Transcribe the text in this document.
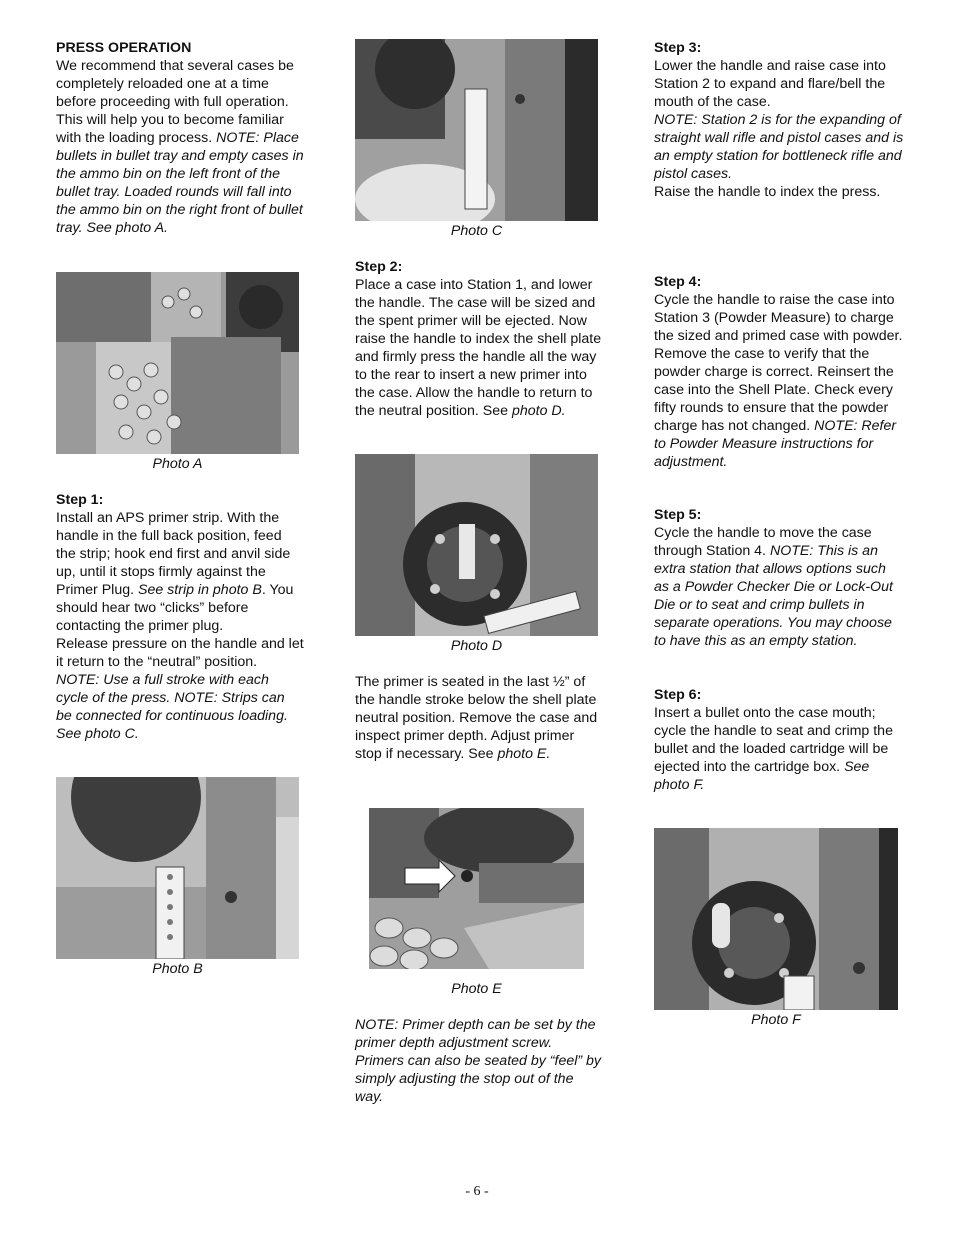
PRESS OPERATION

We recommend that several cases be completely reloaded one at a time before proceeding with full operation. This will help you to become familiar with the loading process. NOTE: Place bullets in bullet tray and empty cases in the ammo bin on the left front of the bullet tray. Loaded rounds will fall into the ammo bin on the right front of bullet tray. See photo A.

Photo A
Step 1:

Install an APS primer strip. With the handle in the full back position, feed the strip; hook end first and anvil side up, until it stops firmly against the Primer Plug. See strip in photo B. You should hear two “clicks” before contacting the primer plug.

Release pressure on the handle and let it return to the “neutral” position. NOTE: Use a full stroke with each cycle of the press. NOTE: Strips can be connected for continuous loading. See photo C.

Photo B
Photo C
Step 2:

Place a case into Station 1, and lower the handle. The case will be sized and the spent primer will be ejected. Now raise the handle to index the shell plate and firmly press the handle all the way to the rear to insert a new primer into the case. Allow the handle to return to the neutral position. See photo D.

Photo D

The primer is seated in the last ½” of the handle stroke below the shell plate neutral position. Remove the case and inspect primer depth. Adjust primer stop if necessary. See photo E.

Photo E

NOTE: Primer depth can be set by the primer depth adjustment screw. Primers can also be seated by “feel” by simply adjusting the stop out of the way.

Step 3:

Lower the handle and raise case into Station 2 to expand and flare/bell the mouth of the case.

NOTE: Station 2 is for the expanding of straight wall rifle and pistol cases and is an empty station for bottleneck rifle and pistol cases.

Raise the handle to index the press.

Step 4:

Cycle the handle to raise the case into Station 3 (Powder Measure) to charge the sized and primed case with powder. Remove the case to verify that the powder charge is correct. Reinsert the case into the Shell Plate. Check every fifty rounds to ensure that the powder charge has not changed. NOTE: Refer to Powder Measure instructions for adjustment.

Step 5:

Cycle the handle to move the case through Station 4. NOTE: This is an extra station that allows options such as a Powder Checker Die or Lock-Out Die or to seat and crimp bullets in separate operations. You may choose to have this as an empty station.

Step 6:

Insert a bullet onto the case mouth; cycle the handle to seat and crimp the bullet and the loaded cartridge will be ejected into the cartridge box. See photo F.

Photo F
- 6 -
